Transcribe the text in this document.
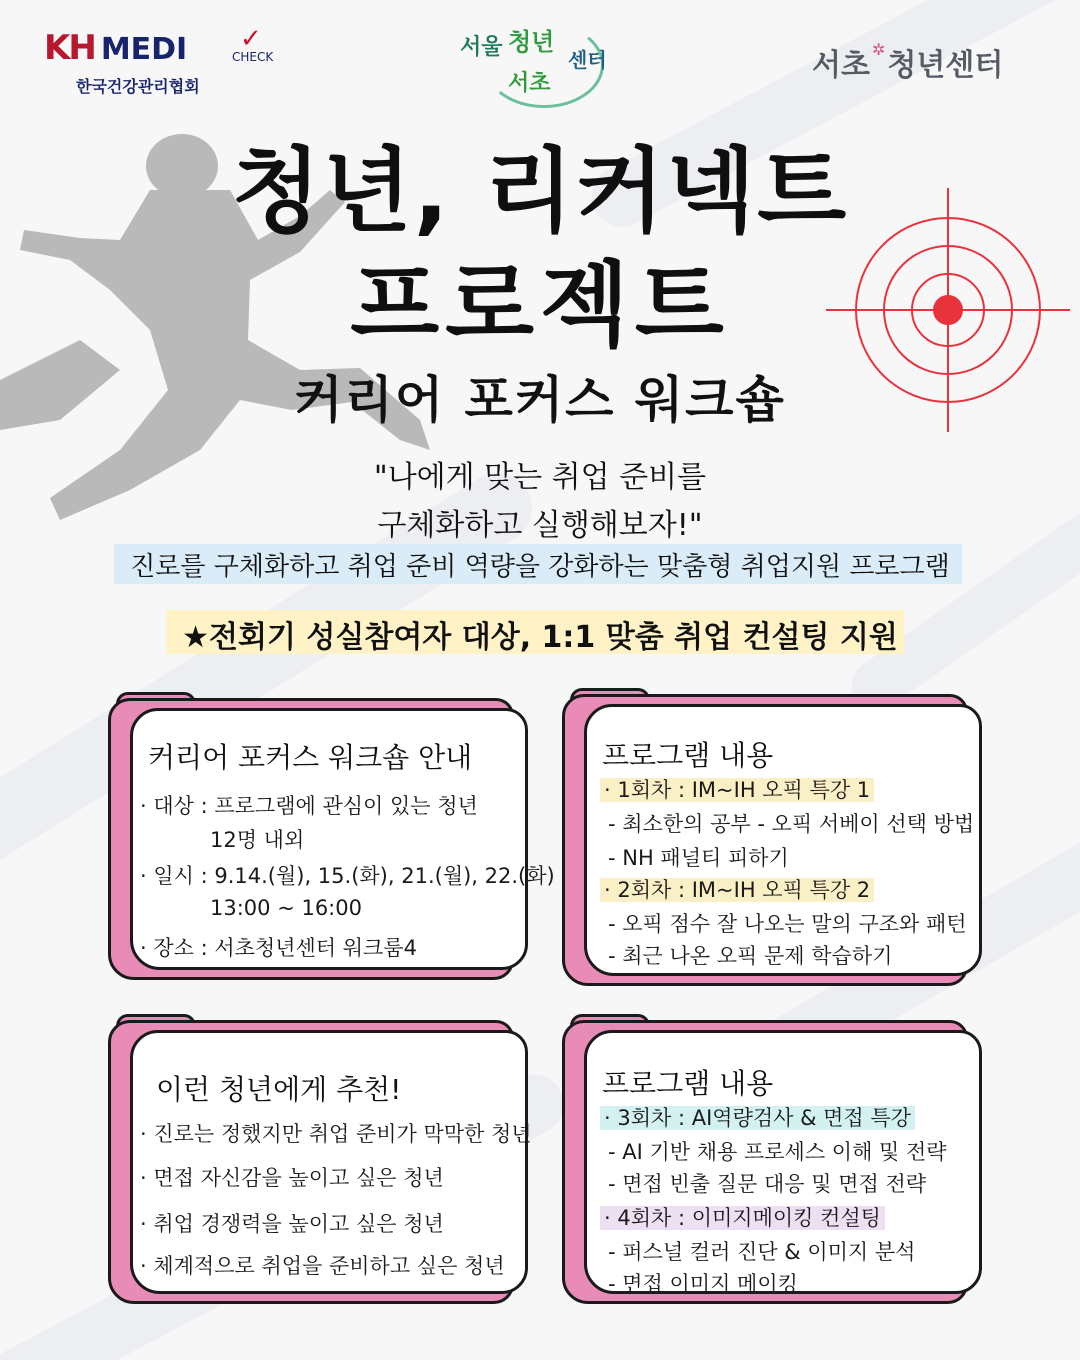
KH MEDI ✓
CHECK
한국건강관리협회
서울 청년
센터
서초
서초 ✲청년센터
청년, 리커넥트
프로젝트
커리어 포커스 워크숍
"나에게 맞는 취업 준비를
구체화하고 실행해보자!"
진로를 구체화하고 취업 준비 역량을 강화하는 맞춤형 취업지원 프로그램
★전회기 성실참여자 대상, 1:1 맞춤 취업 컨설팅 지원
커리어 포커스 워크숍 안내
· 대상 : 프로그램에 관심이 있는 청년
12명 내외
· 일시 : 9.14.(월), 15.(화), 21.(월), 22.(화)
13:00 ~ 16:00
· 장소 : 서초청년센터 워크룸4
프로그램 내용
· 1회차 : IM~IH 오픽 특강 1
- 최소한의 공부 - 오픽 서베이 선택 방법
- NH 패널티 피하기
· 2회차 : IM~IH 오픽 특강 2
- 오픽 점수 잘 나오는 말의 구조와 패턴
- 최근 나온 오픽 문제 학습하기
이런 청년에게 추천!
· 진로는 정했지만 취업 준비가 막막한 청년
· 면접 자신감을 높이고 싶은 청년
· 취업 경쟁력을 높이고 싶은 청년
· 체계적으로 취업을 준비하고 싶은 청년
프로그램 내용
· 3회차 : AI역량검사 & 면접 특강
- AI 기반 채용 프로세스 이해 및 전략
- 면접 빈출 질문 대응 및 면접 전략
· 4회차 : 이미지메이킹 컨설팅
- 퍼스널 컬러 진단 & 이미지 분석
- 면접 이미지 메이킹
